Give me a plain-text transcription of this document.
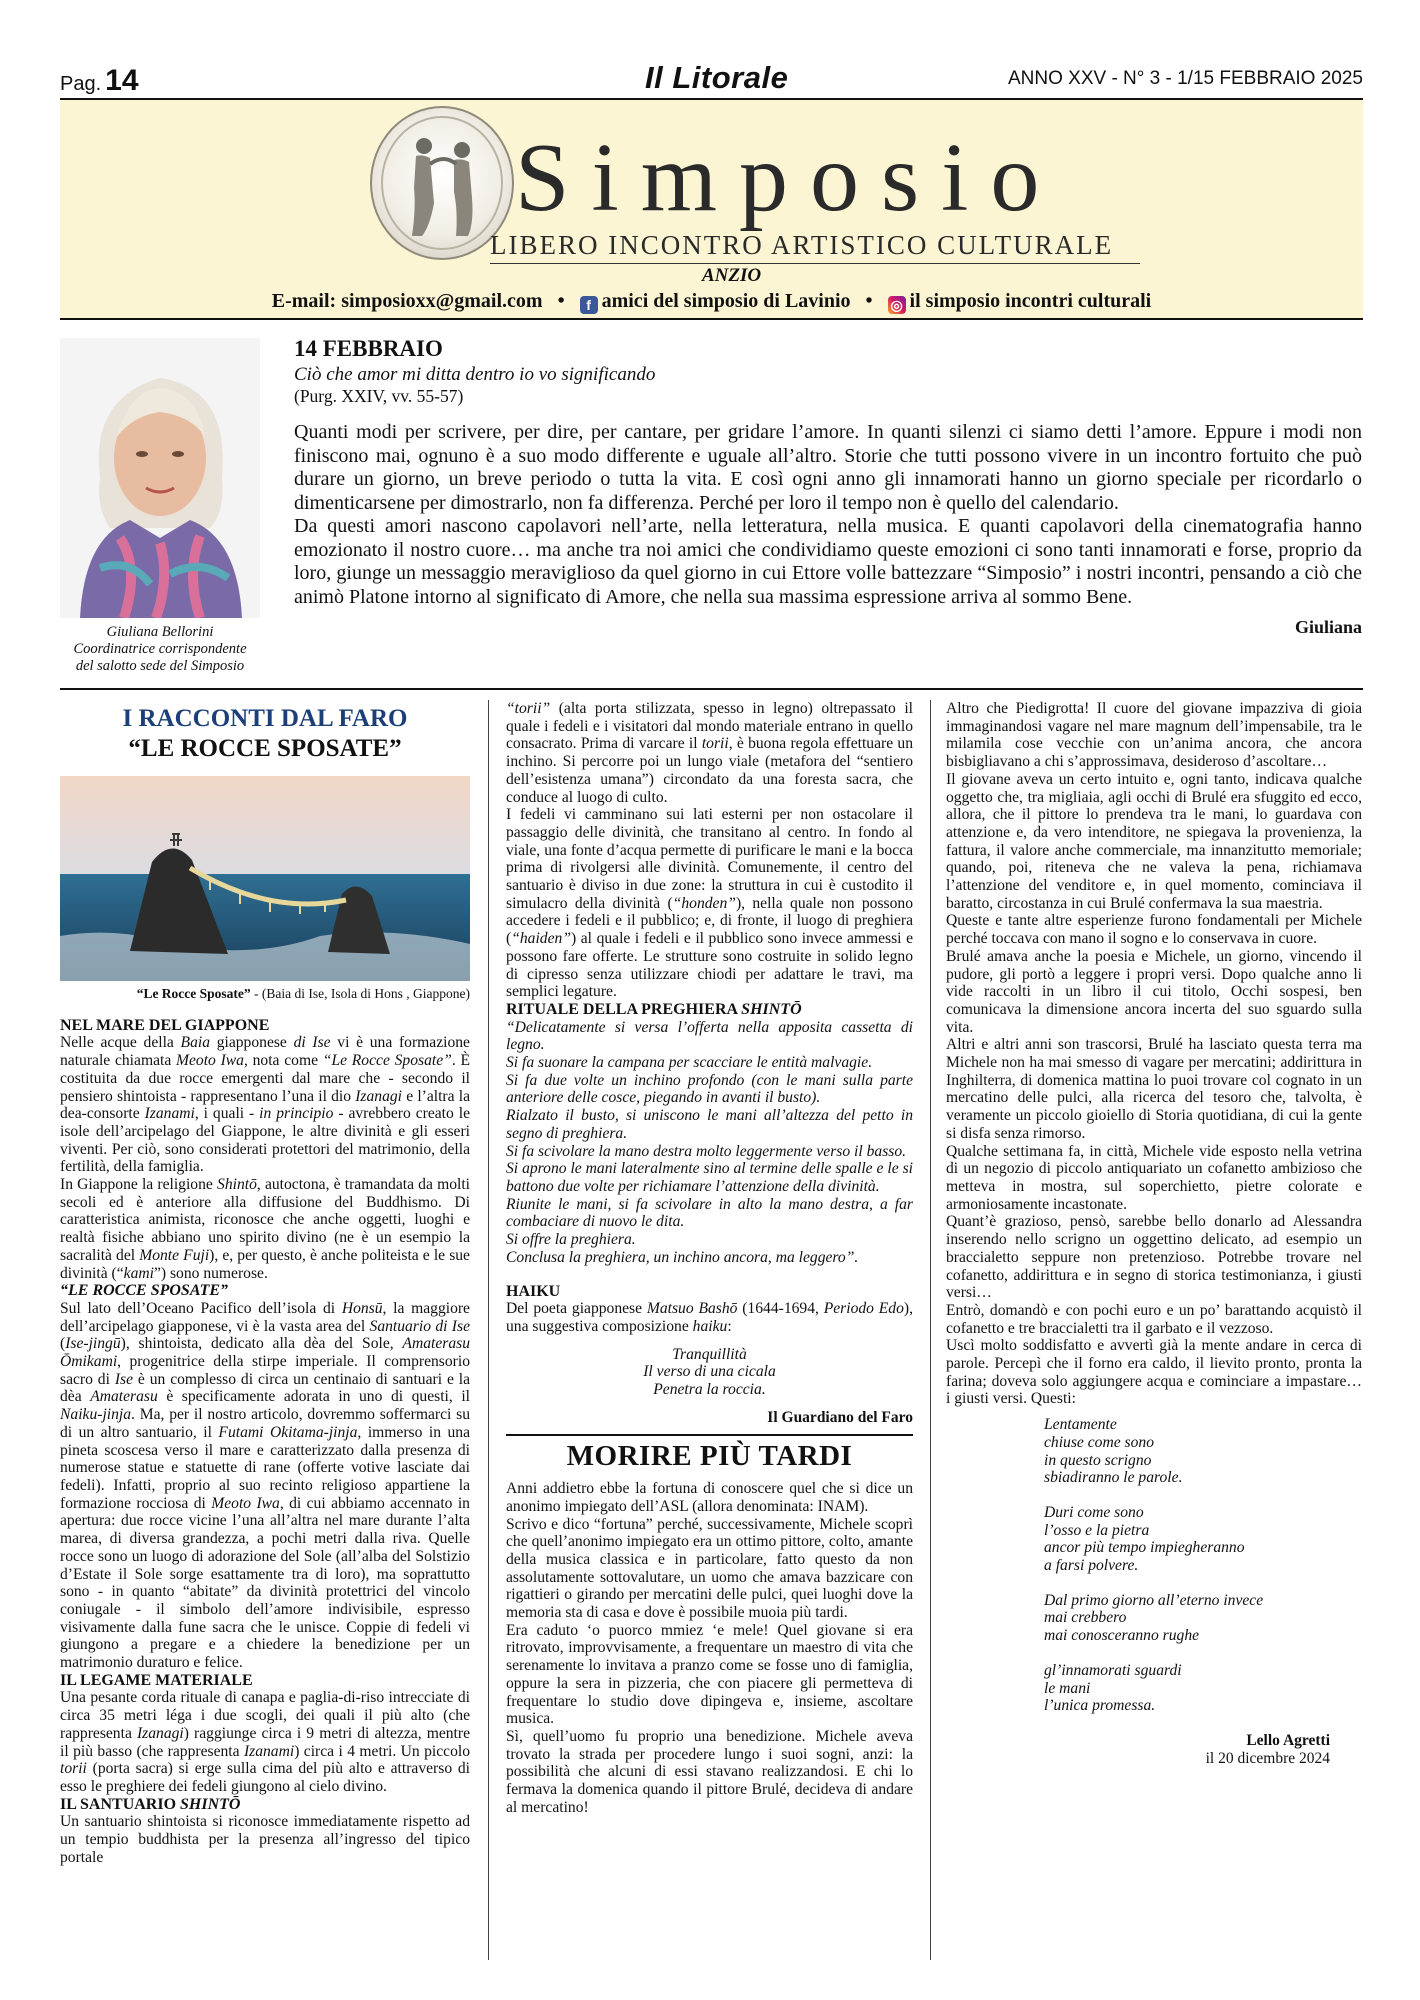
Pag. 14	Il Litorale	ANNO XXV - N° 3 - 1/15 FEBBRAIO 2025
Simposio
LIBERO INCONTRO ARTISTICO CULTURALE
ANZIO
E-mail: simposioxx@gmail.com • f amici del simposio di Lavinio • ◎ il simposio incontri culturali
Giuliana Bellorini
Coordinatrice corrispondente
del salotto sede del Simposio
14 FEBBRAIO
Ciò che amor mi ditta dentro io vo significando
(Purg. XXIV, vv. 55-57)

Quanti modi per scrivere, per dire, per cantare, per gridare l’amore. In quanti silenzi ci siamo detti l’amore. Eppure i modi non finiscono mai, ognuno è a suo modo differente e uguale all’altro. Storie che tutti possono vivere in un incontro fortuito che può durare un giorno, un breve periodo o tutta la vita. E così ogni anno gli innamorati hanno un giorno speciale per ricordarlo o dimenticarsene per dimostrarlo, non fa differenza. Perché per loro il tempo non è quello del calendario.

Da questi amori nascono capolavori nell’arte, nella letteratura, nella musica. E quanti capolavori della cinematografia hanno emozionato il nostro cuore… ma anche tra noi amici che condividiamo queste emozioni ci sono tanti innamorati e forse, proprio da loro, giunge un messaggio meraviglioso da quel giorno in cui Ettore volle battezzare “Simposio” i nostri incontri, pensando a ciò che animò Platone intorno al significato di Amore, che nella sua massima espressione arriva al sommo Bene.

Giuliana
I RACCONTI DAL FARO
“LE ROCCE SPOSATE”
“Le Rocce Sposate” - (Baia di Ise, Isola di Hons , Giappone)
NEL MARE DEL GIAPPONE

Nelle acque della Baia giapponese di Ise vi è una formazione naturale chiamata Meoto Iwa, nota come “Le Rocce Sposate”. È costituita da due rocce emergenti dal mare che - secondo il pensiero shintoista - rappresentano l’una il dio Izanagi e l’altra la dea-consorte Izanami, i quali - in principio - avrebbero creato le isole dell’arcipelago del Giappone, le altre divinità e gli esseri viventi. Per ciò, sono considerati protettori del matrimonio, della fertilità, della famiglia.

In Giappone la religione Shintō, autoctona, è tramandata da molti secoli ed è anteriore alla diffusione del Buddhismo. Di caratteristica animista, riconosce che anche oggetti, luoghi e realtà fisiche abbiano uno spirito divino (ne è un esempio la sacralità del Monte Fuji), e, per questo, è anche politeista e le sue divinità (“kami”) sono numerose.

“LE ROCCE SPOSATE”

Sul lato dell’Oceano Pacifico dell’isola di Honsū, la maggiore dell’arcipelago giapponese, vi è la vasta area del Santuario di Ise (Ise-jingū), shintoista, dedicato alla dèa del Sole, Amaterasu Ōmikami, progenitrice della stirpe imperiale. Il comprensorio sacro di Ise è un complesso di circa un centinaio di santuari e la dèa Amaterasu è specificamente adorata in uno di questi, il Naiku-jinja. Ma, per il nostro articolo, dovremmo soffermarci su di un altro santuario, il Futami Okitama-jinja, immerso in una pineta scoscesa verso il mare e caratterizzato dalla presenza di numerose statue e statuette di rane (offerte votive lasciate dai fedeli). Infatti, proprio al suo recinto religioso appartiene la formazione rocciosa di Meoto Iwa, di cui abbiamo accennato in apertura: due rocce vicine l’una all’altra nel mare durante l’alta marea, di diversa grandezza, a pochi metri dalla riva. Quelle rocce sono un luogo di adorazione del Sole (all’alba del Solstizio d’Estate il Sole sorge esattamente tra di loro), ma soprattutto sono - in quanto “abitate” da divinità protettrici del vincolo coniugale - il simbolo dell’amore indivisibile, espresso visivamente dalla fune sacra che le unisce. Coppie di fedeli vi giungono a pregare e a chiedere la benedizione per un matrimonio duraturo e felice.

IL LEGAME MATERIALE

Una pesante corda rituale di canapa e paglia-di-riso intrecciate di circa 35 metri léga i due scogli, dei quali il più alto (che rappresenta Izanagi) raggiunge circa i 9 metri di altezza, mentre il più basso (che rappresenta Izanami) circa i 4 metri. Un piccolo torii (porta sacra) si erge sulla cima del più alto e attraverso di esso le preghiere dei fedeli giungono al cielo divino.

IL SANTUARIO SHINTŌ

Un santuario shintoista si riconosce immediatamente rispetto ad un tempio buddhista per la presenza all’ingresso del tipico portale

“torii” (alta porta stilizzata, spesso in legno) oltrepassato il quale i fedeli e i visitatori dal mondo materiale entrano in quello consacrato. Prima di varcare il torii, è buona regola effettuare un inchino. Si percorre poi un lungo viale (metafora del “sentiero dell’esistenza umana”) circondato da una foresta sacra, che conduce al luogo di culto.

I fedeli vi camminano sui lati esterni per non ostacolare il passaggio delle divinità, che transitano al centro. In fondo al viale, una fonte d’acqua permette di purificare le mani e la bocca prima di rivolgersi alle divinità. Comunemente, il centro del santuario è diviso in due zone: la struttura in cui è custodito il simulacro della divinità (“honden”), nella quale non possono accedere i fedeli e il pubblico; e, di fronte, il luogo di preghiera (“haiden”) al quale i fedeli e il pubblico sono invece ammessi e possono fare offerte. Le strutture sono costruite in solido legno di cipresso senza utilizzare chiodi per adattare le travi, ma semplici legature.

RITUALE DELLA PREGHIERA SHINTŌ

“Delicatamente si versa l’offerta nella apposita cassetta di legno.

Si fa suonare la campana per scacciare le entità malvagie.

Si fa due volte un inchino profondo (con le mani sulla parte anteriore delle cosce, piegando in avanti il busto).

Rialzato il busto, si uniscono le mani all’altezza del petto in segno di preghiera.

Si fa scivolare la mano destra molto leggermente verso il basso.

Si aprono le mani lateralmente sino al termine delle spalle e le si battono due volte per richiamare l’attenzione della divinità.

Riunite le mani, si fa scivolare in alto la mano destra, a far combaciare di nuovo le dita.

Si offre la preghiera.

Conclusa la preghiera, un inchino ancora, ma leggero”.

HAIKU

Del poeta giapponese Matsuo Bashō (1644-1694, Periodo Edo), una suggestiva composizione haiku:

Tranquillità
Il verso di una cicala
Penetra la roccia.
Il Guardiano del Faro
MORIRE PIÙ TARDI

Anni addietro ebbe la fortuna di conoscere quel che si dice un anonimo impiegato dell’ASL (allora denominata: INAM).

Scrivo e dico “fortuna” perché, successivamente, Michele scoprì che quell’anonimo impiegato era un ottimo pittore, colto, amante della musica classica e in particolare, fatto questo da non assolutamente sottovalutare, un uomo che amava bazzicare con rigattieri o girando per mercatini delle pulci, quei luoghi dove la memoria sta di casa e dove è possibile muoia più tardi.

Era caduto ‘o puorco mmiez ‘e mele! Quel giovane si era ritrovato, improvvisamente, a frequentare un maestro di vita che serenamente lo invitava a pranzo come se fosse uno di famiglia, oppure la sera in pizzeria, che con piacere gli permetteva di frequentare lo studio dove dipingeva e, insieme, ascoltare musica.

Sì, quell’uomo fu proprio una benedizione. Michele aveva trovato la strada per procedere lungo i suoi sogni, anzi: la possibilità che alcuni di essi stavano realizzandosi. E chi lo fermava la domenica quando il pittore Brulé, decideva di andare al mercatino!

Altro che Piedigrotta! Il cuore del giovane impazziva di gioia immaginandosi vagare nel mare magnum dell’impensabile, tra le milamila cose vecchie con un’anima ancora, che ancora bisbigliavano a chi s’approssimava, desideroso d’ascoltare…

Il giovane aveva un certo intuito e, ogni tanto, indicava qualche oggetto che, tra migliaia, agli occhi di Brulé era sfuggito ed ecco, allora, che il pittore lo prendeva tra le mani, lo guardava con attenzione e, da vero intenditore, ne spiegava la provenienza, la fattura, il valore anche commerciale, ma innanzitutto memoriale; quando, poi, riteneva che ne valeva la pena, richiamava l’attenzione del venditore e, in quel momento, cominciava il baratto, circostanza in cui Brulé confermava la sua maestria.

Queste e tante altre esperienze furono fondamentali per Michele perché toccava con mano il sogno e lo conservava in cuore.

Brulé amava anche la poesia e Michele, un giorno, vincendo il pudore, gli portò a leggere i propri versi. Dopo qualche anno li vide raccolti in un libro il cui titolo, Occhi sospesi, ben comunicava la dimensione ancora incerta del suo sguardo sulla vita.

Altri e altri anni son trascorsi, Brulé ha lasciato questa terra ma Michele non ha mai smesso di vagare per mercatini; addirittura in Inghilterra, di domenica mattina lo puoi trovare col cognato in un mercatino delle pulci, alla ricerca del tesoro che, talvolta, è veramente un piccolo gioiello di Storia quotidiana, di cui la gente si disfa senza rimorso.

Qualche settimana fa, in città, Michele vide esposto nella vetrina di un negozio di piccolo antiquariato un cofanetto ambizioso che metteva in mostra, sul soperchietto, pietre colorate e armoniosamente incastonate.

Quant’è grazioso, pensò, sarebbe bello donarlo ad Alessandra inserendo nello scrigno un oggettino delicato, ad esempio un braccialetto seppure non pretenzioso. Potrebbe trovare nel cofanetto, addirittura e in segno di storica testimonianza, i giusti versi…

Entrò, domandò e con pochi euro e un po’ barattando acquistò il cofanetto e tre braccialetti tra il garbato e il vezzoso.

Uscì molto soddisfatto e avvertì già la mente andare in cerca di parole. Percepì che il forno era caldo, il lievito pronto, pronta la farina; doveva solo aggiungere acqua e cominciare a impastare… i giusti versi. Questi:

Lentamente
chiuse come sono
in questo scrigno
sbiadiranno le parole.

Duri come sono
l’osso e la pietra
ancor più tempo impiegheranno
a farsi polvere.

Dal primo giorno all’eterno invece
mai crebbero
mai conosceranno rughe

gl’innamorati sguardi
le mani
l’unica promessa.

Lello Agretti
il 20 dicembre 2024
